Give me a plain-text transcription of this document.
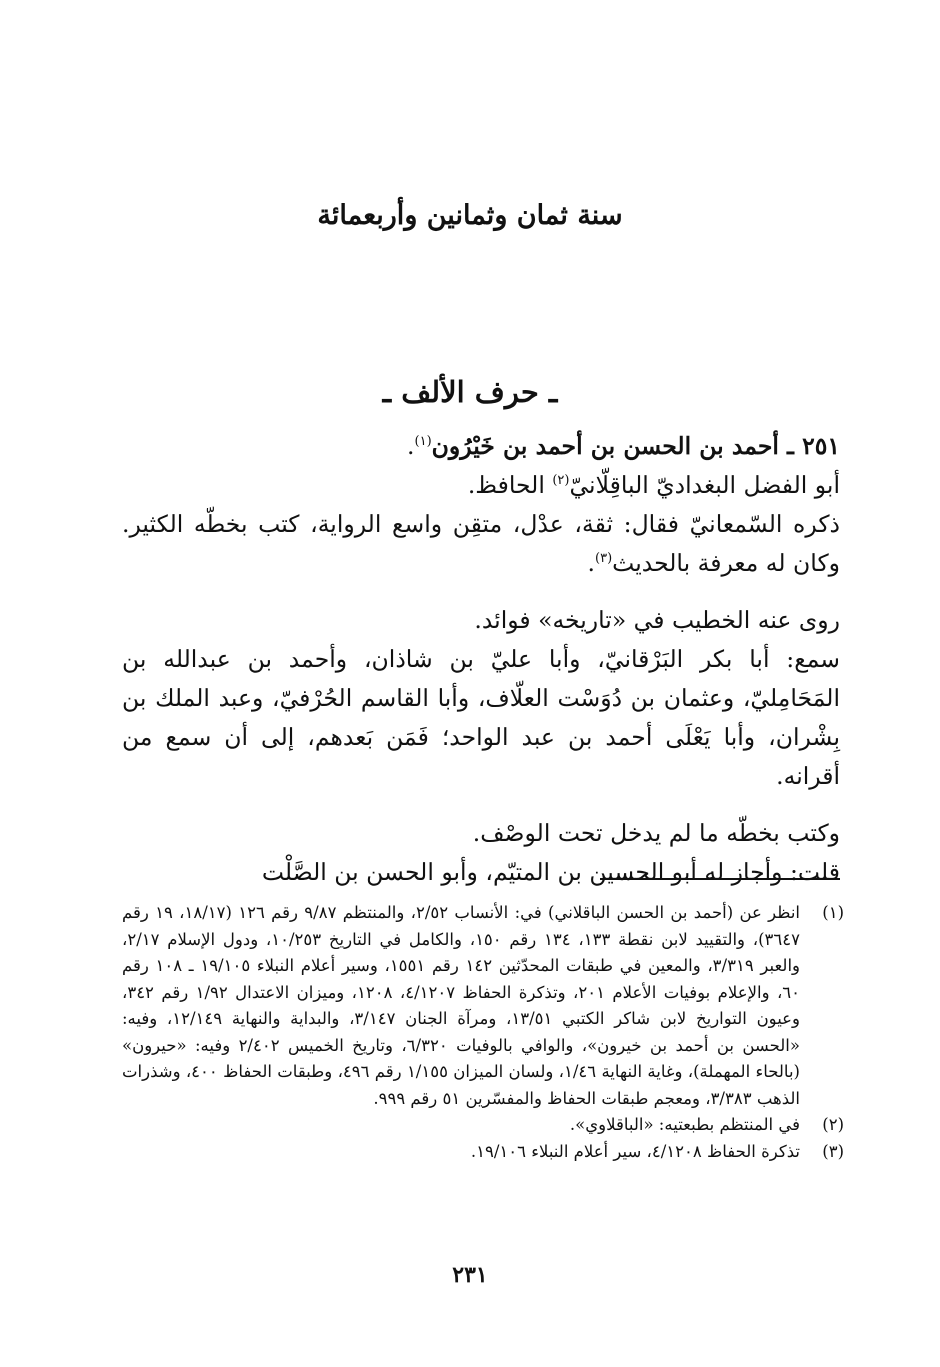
سنة ثمان وثمانين وأربعمائة
ـ حرف الألف ـ

٢٥١ ـ أحمد بن الحسن بن أحمد بن خَيْرُون$^{(١)}$.

أبو الفضل البغداديّ الباقِلّانيّ$^{(٢)}$ الحافظ.

ذكره السّمعانيّ فقال: ثقة، عدْل، متقِن واسع الرواية، كتب بخطّه الكثير. وكان له معرفة بالحديث$^{(٣)}$.

روى عنه الخطيب في «تاريخه» فوائد.

سمع: أبا بكر البَرْقانيّ، وأبا عليّ بن شاذان، وأحمد بن عبدالله بن المَحَامِليّ، وعثمان بن دُوَسْت العلّاف، وأبا القاسم الحُرْفيّ، وعبد الملك بن بِشْران، وأبا يَعْلَى أحمد بن عبد الواحد؛ فَمَن بَعدهم، إلى أن سمع من أقرانه.

وكتب بخطّه ما لم يدخل تحت الوصْف.

قلت: وأجاز له أبو الحسين بن المتيّم، وأبو الحسن بن الصَّلْت

(١)
انظر عن (أحمد بن الحسن الباقلاني) في: الأنساب ٢/٥٢، والمنتظم ٩/٨٧ رقم ١٢٦ (١٨/١٧، ١٩ رقم ٣٦٤٧)، والتقييد لابن نقطة ١٣٣، ١٣٤ رقم ١٥٠، والكامل في التاريخ ١٠/٢٥٣، ودول الإسلام ٢/١٧، والعبر ٣/٣١٩، والمعين في طبقات المحدّثين ١٤٢ رقم ١٥٥١، وسير أعلام النبلاء ١٩/١٠٥ ـ ١٠٨ رقم ٦٠، والإعلام بوفيات الأعلام ٢٠١، وتذكرة الحفاظ ٤/١٢٠٧، ١٢٠٨، وميزان الاعتدال ١/٩٢ رقم ٣٤٢، وعيون التواريخ لابن شاكر الكتبي ١٣/٥١، ومرآة الجنان ٣/١٤٧، والبداية والنهاية ١٢/١٤٩، وفيه: «الحسن بن أحمد بن خيرون»، والوافي بالوفيات ٦/٣٢٠، وتاريخ الخميس ٢/٤٠٢ وفيه: «حيرون» (بالحاء المهملة)، وغاية النهاية ١/٤٦، ولسان الميزان ١/١٥٥ رقم ٤٩٦، وطبقات الحفاظ ٤٠٠، وشذرات الذهب ٣/٣٨٣، ومعجم طبقات الحفاظ والمفسّرين ٥١ رقم ٩٩٩.
(٢)
في المنتظم بطبعتيه: «الباقلاوي».
(٣)
تذكرة الحفاظ ٤/١٢٠٨، سير أعلام النبلاء ١٩/١٠٦.
٢٣١
